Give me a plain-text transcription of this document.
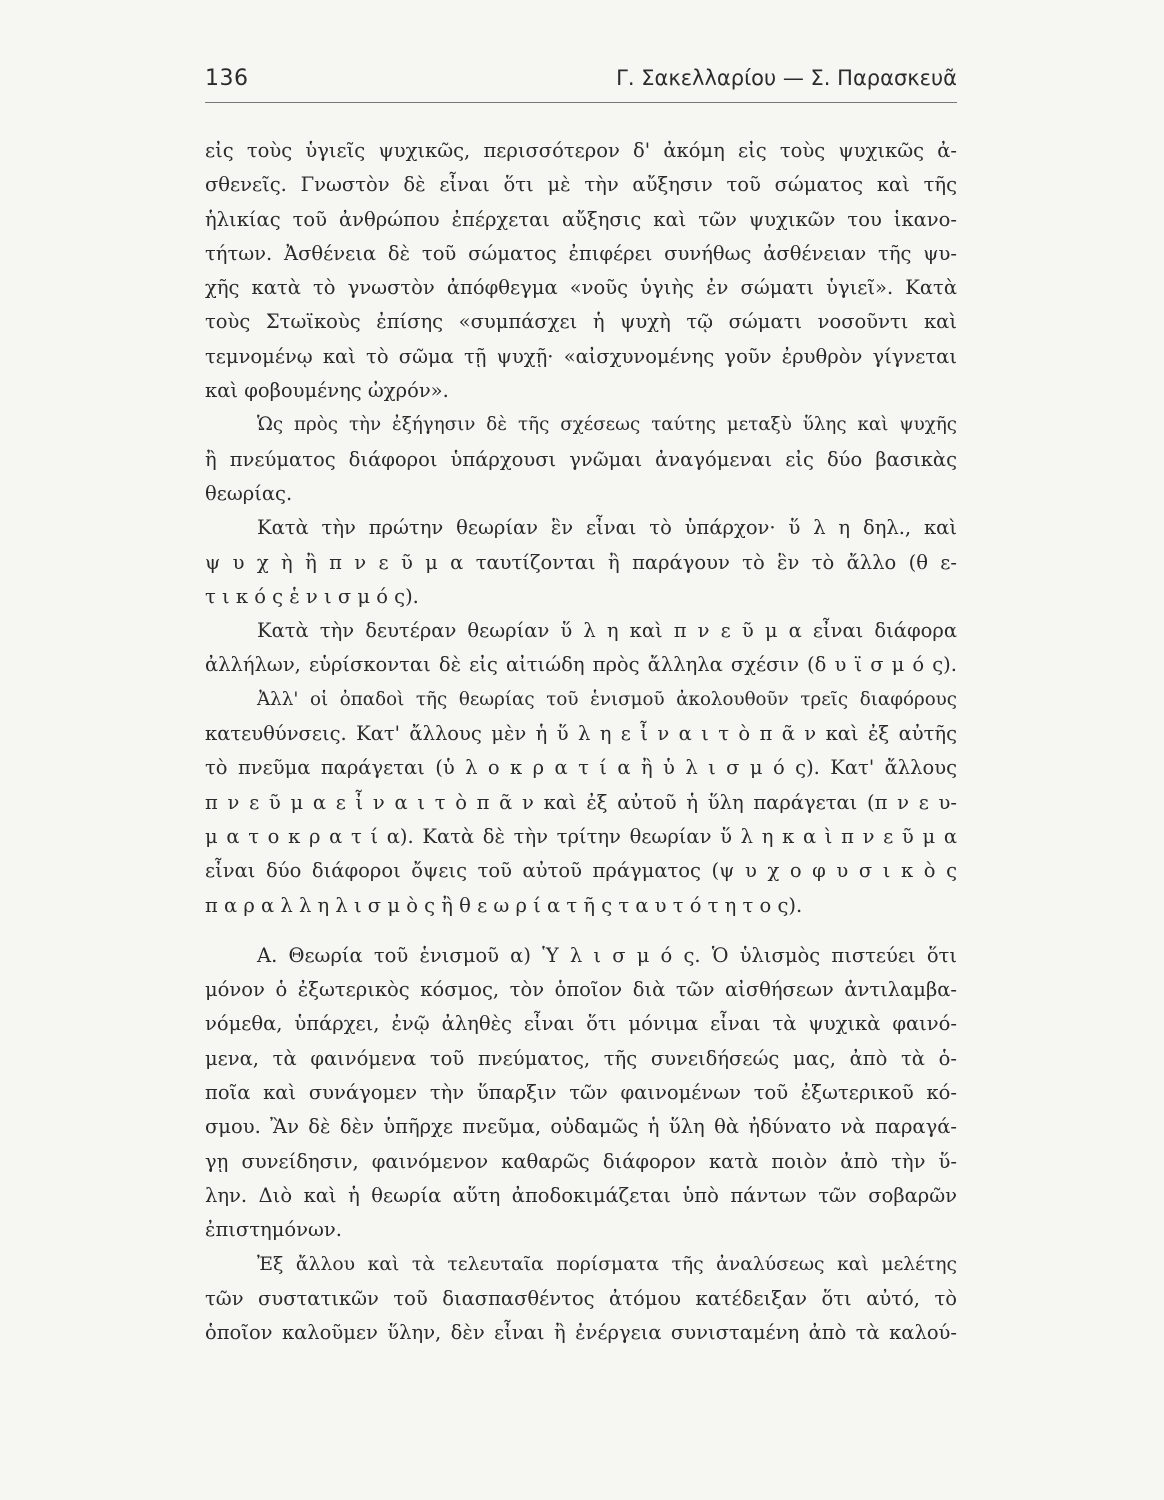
136	Γ. Σακελλαρίου — Σ. Παρασκευᾶ
εἰς τοὺς ὑγιεῖς ψυχικῶς, περισσότερον δ' ἀκόμη εἰς τοὺς ψυχικῶς ἀ-
σθενεῖς. Γνωστὸν δὲ εἶναι ὅτι μὲ τὴν αὔξησιν τοῦ σώματος καὶ τῆς
ἡλικίας τοῦ ἀνθρώπου ἐπέρχεται αὔξησις καὶ τῶν ψυχικῶν του ἱκανο-
τήτων. Ἀσθένεια δὲ τοῦ σώματος ἐπιφέρει συνήθως ἀσθένειαν τῆς ψυ-
χῆς κατὰ τὸ γνωστὸν ἀπόφθεγμα «νοῦς ὑγιὴς ἐν σώματι ὑγιεῖ». Κατὰ
τοὺς Στωϊκοὺς ἐπίσης «συμπάσχει ἡ ψυχὴ τῷ σώματι νοσοῦντι καὶ
τεμνομένῳ καὶ τὸ σῶμα τῇ ψυχῇ· «αἰσχυνομένης γοῦν ἐρυθρὸν γίγνεται
καὶ φοβουμένης ὠχρόν».
Ὡς πρὸς τὴν ἐξήγησιν δὲ τῆς σχέσεως ταύτης μεταξὺ ὕλης καὶ ψυχῆς
ἢ πνεύματος διάφοροι ὑπάρχουσι γνῶμαι ἀναγόμεναι εἰς δύο βασικὰς
θεωρίας.
Κατὰ τὴν πρώτην θεωρίαν ἓν εἶναι τὸ ὑπάρχον· ὕ λ η δηλ., καὶ
ψ υ χ ὴ ἢ π ν ε ῦ μ α ταυτίζονται ἢ παράγουν τὸ ἓν τὸ ἄλλο (θ ε-
τ ι κ ό ς ἑ ν ι σ μ ό ς).
Κατὰ τὴν δευτέραν θεωρίαν ὕ λ η καὶ π ν ε ῦ μ α εἶναι διάφορα
ἀλλήλων, εὑρίσκονται δὲ εἰς αἰτιώδη πρὸς ἄλληλα σχέσιν (δ υ ϊ σ μ ό ς).
Ἀλλ' οἱ ὀπαδοὶ τῆς θεωρίας τοῦ ἑνισμοῦ ἀκολουθοῦν τρεῖς διαφόρους
κατευθύνσεις. Κατ' ἄλλους μὲν ἡ ὕ λ η ε ἶ ν α ι τ ὸ π ᾶ ν καὶ ἐξ αὐτῆς
τὸ πνεῦμα παράγεται (ὑ λ ο κ ρ α τ ί α ἢ ὑ λ ι σ μ ό ς). Κατ' ἄλλους
π ν ε ῦ μ α ε ἶ ν α ι τ ὸ π ᾶ ν καὶ ἐξ αὐτοῦ ἡ ὕλη παράγεται (π ν ε υ-
μ α τ ο κ ρ α τ ί α). Κατὰ δὲ τὴν τρίτην θεωρίαν ὕ λ η κ α ὶ π ν ε ῦ μ α
εἶναι δύο διάφοροι ὄψεις τοῦ αὐτοῦ πράγματος (ψ υ χ ο φ υ σ ι κ ὸ ς
π α ρ α λ λ η λ ι σ μ ὸ ς ἢ θ ε ω ρ ί α τ ῆ ς τ α υ τ ό τ η τ ο ς).
Α. Θεωρία τοῦ ἑνισμοῦ α) Ὑ λ ι σ μ ό ς. Ὁ ὑλισμὸς πιστεύει ὅτι
μόνον ὁ ἐξωτερικὸς κόσμος, τὸν ὁποῖον διὰ τῶν αἰσθήσεων ἀντιλαμβα-
νόμεθα, ὑπάρχει, ἐνῷ ἀληθὲς εἶναι ὅτι μόνιμα εἶναι τὰ ψυχικὰ φαινό-
μενα, τὰ φαινόμενα τοῦ πνεύματος, τῆς συνειδήσεώς μας, ἀπὸ τὰ ὁ-
ποῖα καὶ συνάγομεν τὴν ὕπαρξιν τῶν φαινομένων τοῦ ἐξωτερικοῦ κό-
σμου. Ἂν δὲ δὲν ὑπῆρχε πνεῦμα, οὐδαμῶς ἡ ὕλη θὰ ἠδύνατο νὰ παραγά-
γῃ συνείδησιν, φαινόμενον καθαρῶς διάφορον κατὰ ποιὸν ἀπὸ τὴν ὕ-
λην. Διὸ καὶ ἡ θεωρία αὕτη ἀποδοκιμάζεται ὑπὸ πάντων τῶν σοβαρῶν
ἐπιστημόνων.
Ἐξ ἄλλου καὶ τὰ τελευταῖα πορίσματα τῆς ἀναλύσεως καὶ μελέτης
τῶν συστατικῶν τοῦ διασπασθέντος ἀτόμου κατέδειξαν ὅτι αὐτό, τὸ
ὁποῖον καλοῦμεν ὕλην, δὲν εἶναι ἢ ἐνέργεια συνισταμένη ἀπὸ τὰ καλού-
